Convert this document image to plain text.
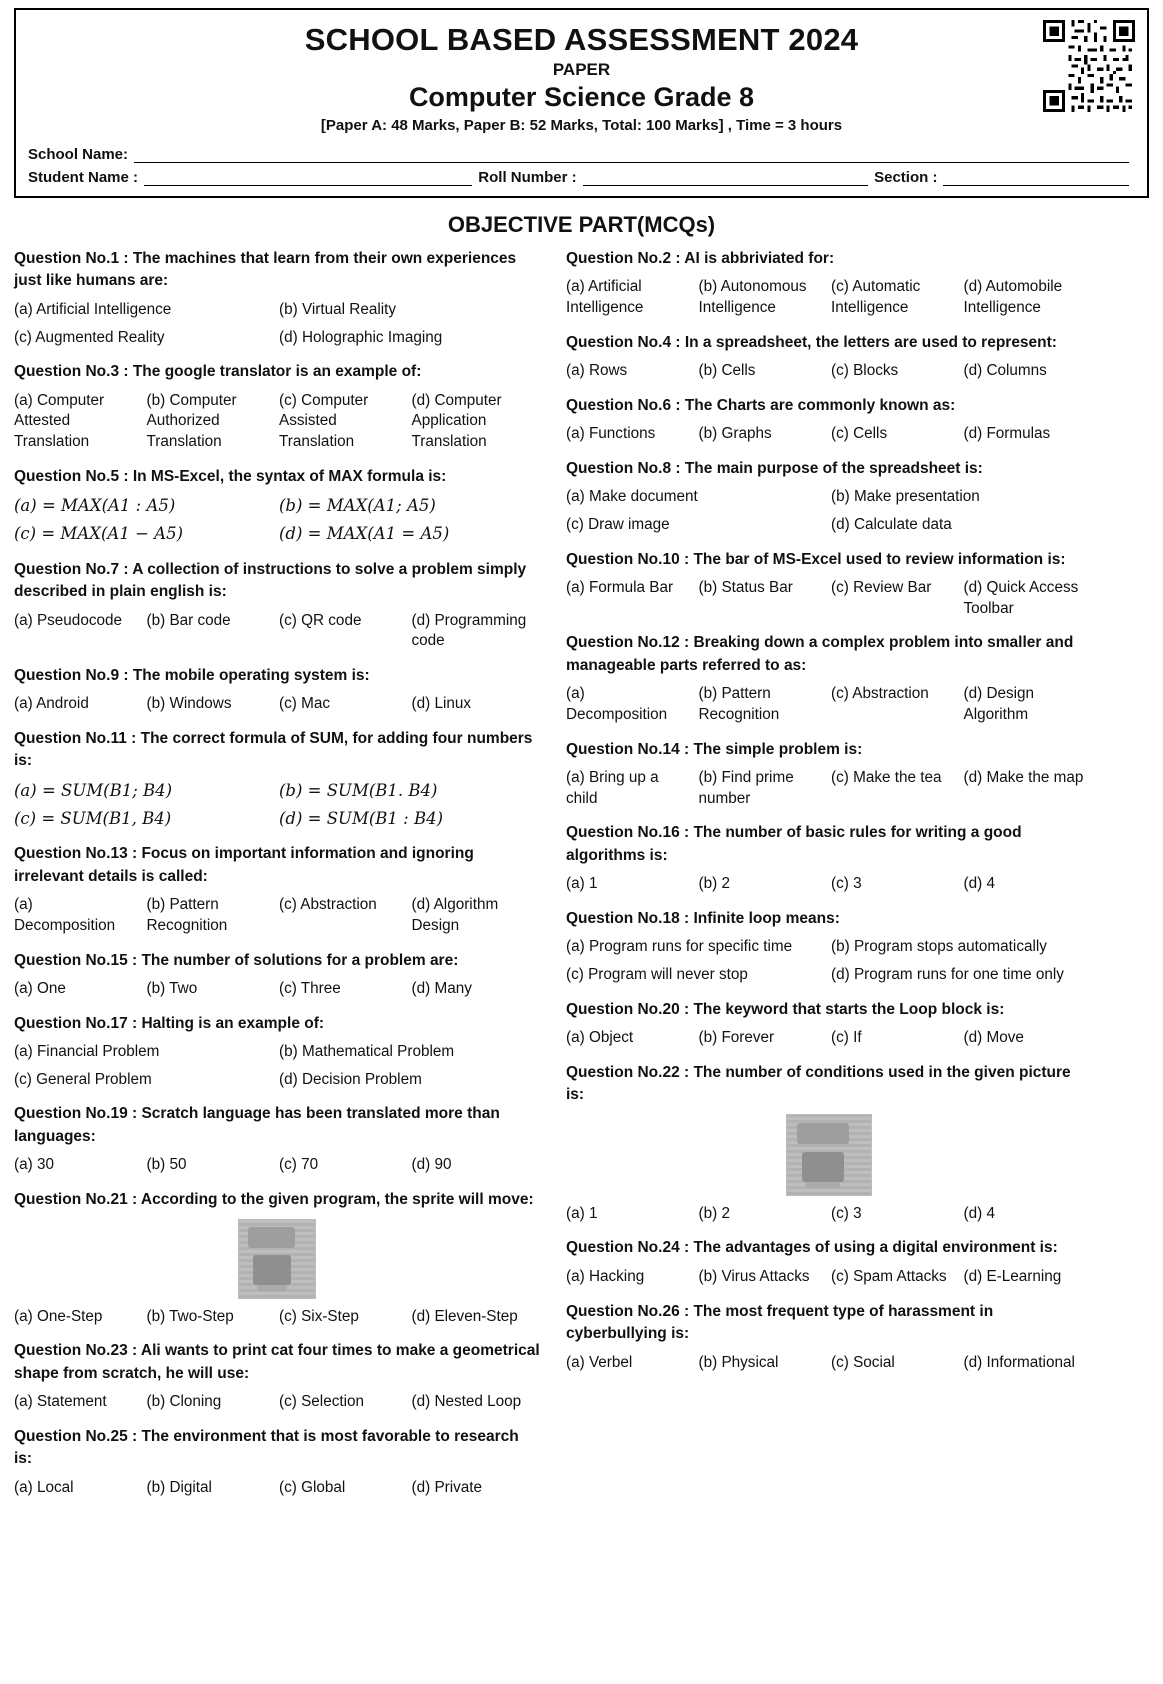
SCHOOL BASED ASSESSMENT 2024
PAPER
Computer Science Grade 8
[Paper A: 48 Marks, Paper B: 52 Marks, Total: 100 Marks] , Time = 3 hours
School Name:
Student Name :	Roll Number :	Section :
OBJECTIVE PART(MCQs)
Question No.1 : The machines that learn from their own experiences just like humans are:
(a) Artificial Intelligence	(b) Virtual Reality
(c) Augmented Reality	(d) Holographic Imaging
Question No.3 : The google translator is an example of:
(a) Computer Attested Translation
(b) Computer Authorized Translation
(c) Computer Assisted Translation
(d) Computer Application Translation
Question No.5 : In MS-Excel, the syntax of MAX formula is:
(a) = MAX(A1 : A5)	(b) = MAX(A1; A5)
(c) = MAX(A1 − A5)	(d) = MAX(A1 = A5)
Question No.7 : A collection of instructions to solve a problem simply described in plain english is:
(a) Pseudocode	(b) Bar code	(c) QR code	(d) Programming code
Question No.9 : The mobile operating system is:
(a) Android	(b) Windows	(c) Mac	(d) Linux
Question No.11 : The correct formula of SUM, for adding four numbers is:
(a) = SUM(B1; B4)	(b) = SUM(B1. B4)
(c) = SUM(B1, B4)	(d) = SUM(B1 : B4)
Question No.13 : Focus on important information and ignoring irrelevant details is called:
(a) Decomposition
(b) Pattern Recognition
(c) Abstraction	(d) Algorithm Design
Question No.15 : The number of solutions for a problem are:
(a) One	(b) Two	(c) Three	(d) Many
Question No.17 : Halting is an example of:
(a) Financial Problem	(b) Mathematical Problem
(c) General Problem	(d) Decision Problem
Question No.19 : Scratch language has been translated more than languages:
(a) 30	(b) 50	(c) 70	(d) 90
Question No.21 : According to the given program, the sprite will move:
(a) One-Step	(b) Two-Step	(c) Six-Step	(d) Eleven-Step
Question No.23 : Ali wants to print cat four times to make a geometrical shape from scratch, he will use:
(a) Statement	(b) Cloning	(c) Selection	(d) Nested Loop
Question No.25 : The environment that is most favorable to research is:
(a) Local	(b) Digital	(c) Global	(d) Private
Question No.2 : AI is abbriviated for:
(a) Artificial Intelligence
(b) Autonomous Intelligence
(c) Automatic Intelligence
(d) Automobile Intelligence
Question No.4 : In a spreadsheet, the letters are used to represent:
(a) Rows	(b) Cells	(c) Blocks	(d) Columns
Question No.6 : The Charts are commonly known as:
(a) Functions	(b) Graphs	(c) Cells	(d) Formulas
Question No.8 : The main purpose of the spreadsheet is:
(a) Make document	(b) Make presentation
(c) Draw image	(d) Calculate data
Question No.10 : The bar of MS-Excel used to review information is:
(a) Formula Bar	(b) Status Bar	(c) Review Bar	(d) Quick Access Toolbar
Question No.12 : Breaking down a complex problem into smaller and manageable parts referred to as:
(a) Decomposition
(b) Pattern Recognition
(c) Abstraction	(d) Design Algorithm
Question No.14 : The simple problem is:
(a) Bring up a child
(b) Find prime number
(c) Make the tea	(d) Make the map
Question No.16 : The number of basic rules for writing a good algorithms is:
(a) 1	(b) 2	(c) 3	(d) 4
Question No.18 : Infinite loop means:
(a) Program runs for specific time	(b) Program stops automatically
(c) Program will never stop	(d) Program runs for one time only
Question No.20 : The keyword that starts the Loop block is:
(a) Object	(b) Forever	(c) If	(d) Move
Question No.22 : The number of conditions used in the given picture is:
(a) 1	(b) 2	(c) 3	(d) 4
Question No.24 : The advantages of using a digital environment is:
(a) Hacking	(b) Virus Attacks	(c) Spam Attacks	(d) E-Learning
Question No.26 : The most frequent type of harassment in cyberbullying is:
(a) Verbel	(b) Physical	(c) Social	(d) Informational
